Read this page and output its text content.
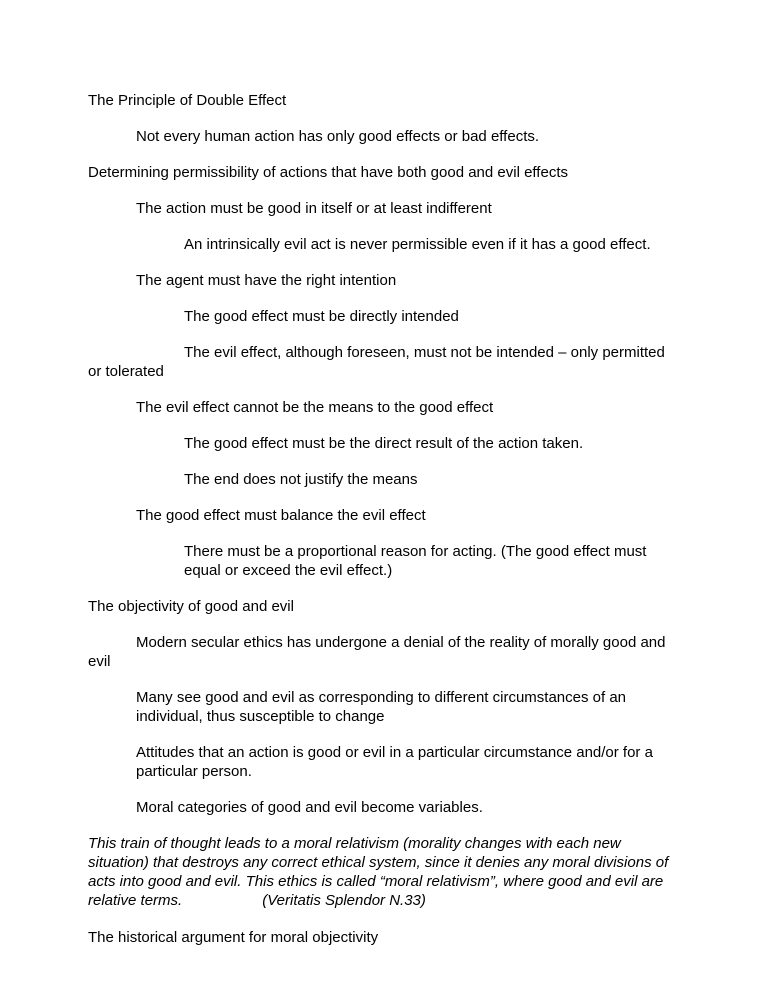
The Principle of Double Effect

Not every human action has only good effects or bad effects.

Determining permissibility of actions that have both good and evil effects

The action must be good in itself or at least indifferent

An intrinsically evil act is never permissible even if it has a good effect.

The agent must have the right intention

The good effect must be directly intended

The evil effect, although foreseen, must not be intended – only permitted

or tolerated

The evil effect cannot be the means to the good effect

The good effect must be the direct result of the action taken.

The end does not justify the means

The good effect must balance the evil effect

There must be a proportional reason for acting. (The good effect must equal or exceed the evil effect.)

The objectivity of good and evil

Modern secular ethics has undergone a denial of the reality of morally good and

evil

Many see good and evil as corresponding to different circumstances of an individual, thus susceptible to change

Attitudes that an action is good or evil in a particular circumstance and/or for a particular person.

Moral categories of good and evil become variables.

This train of thought leads to a moral relativism (morality changes with each new situation) that destroys any correct ethical system, since it denies any moral divisions of acts into good and evil. This ethics is called “moral relativism”, where good and evil are relative terms.	(Veritatis Splendor N.33)

The historical argument for moral objectivity
